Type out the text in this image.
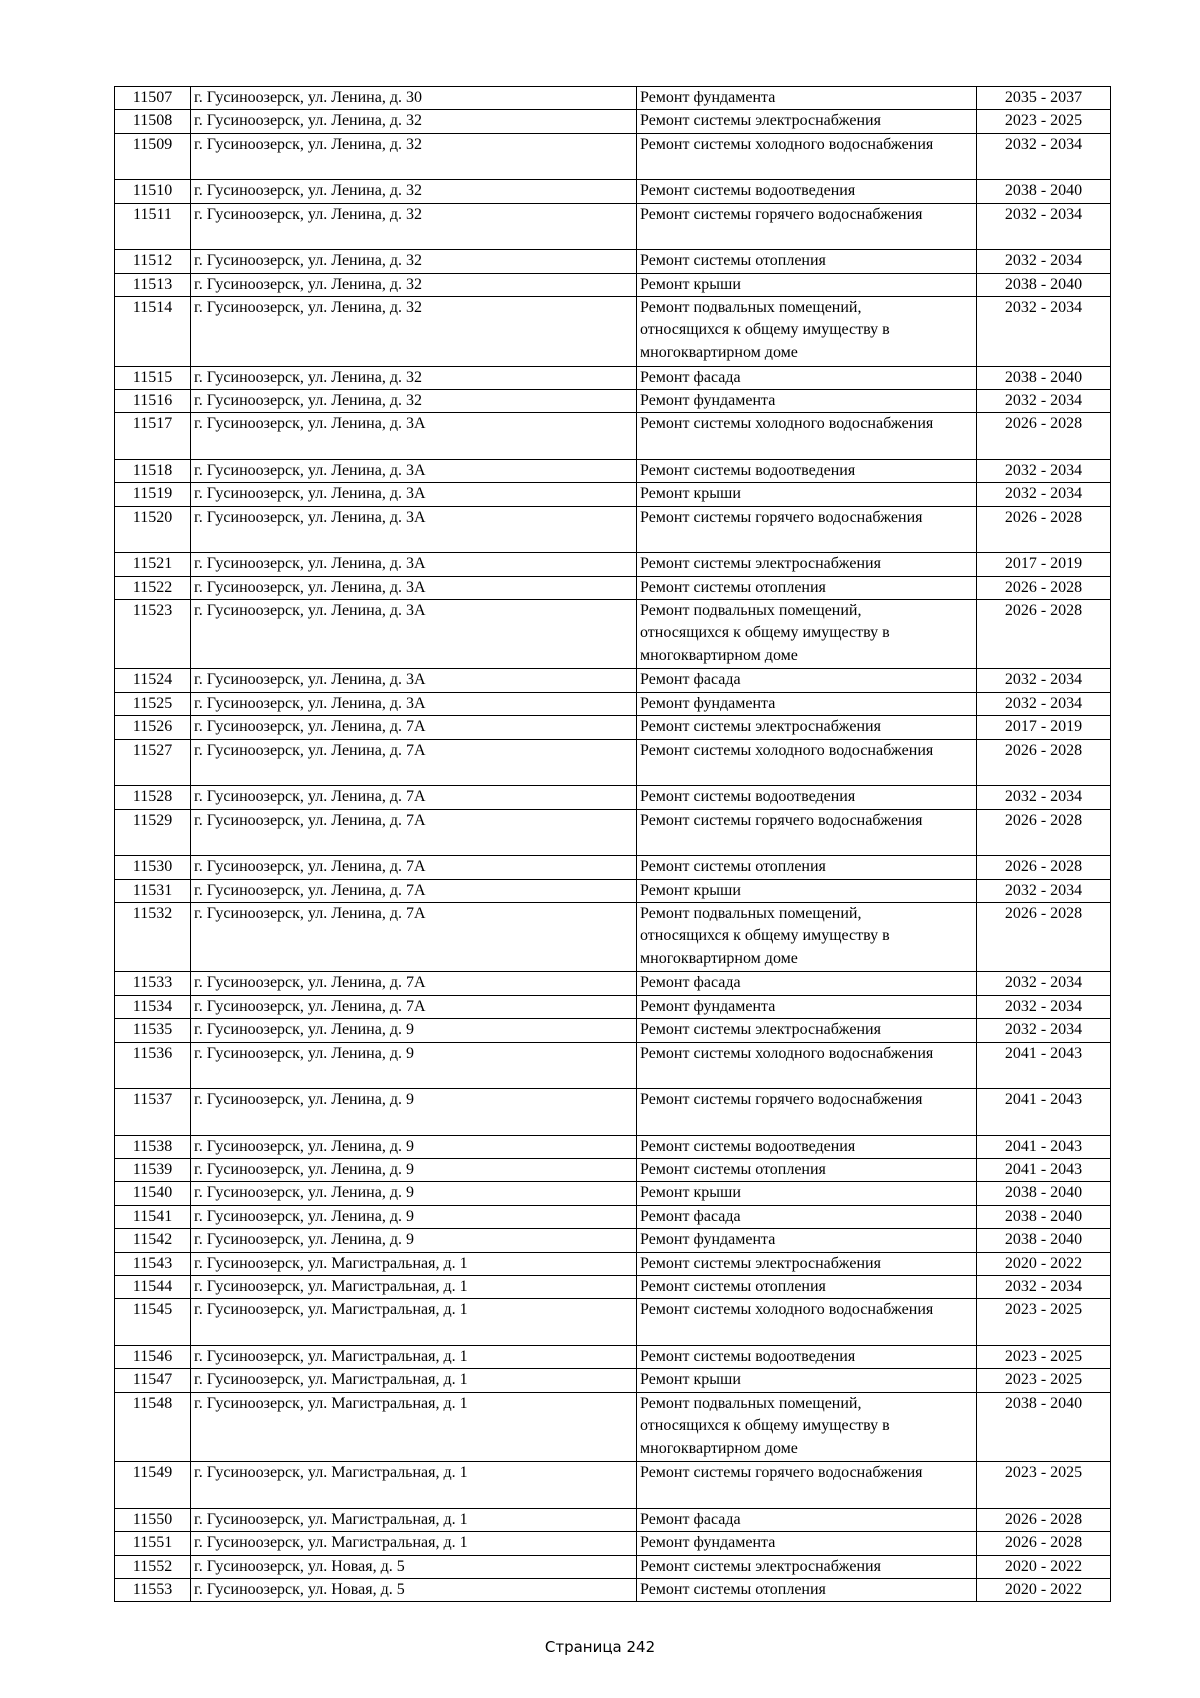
11507	г. Гусиноозерск, ул. Ленина, д. 30	Ремонт фундамента	2035 - 2037
11508	г. Гусиноозерск, ул. Ленина, д. 32	Ремонт системы электроснабжения	2023 - 2025
11509	г. Гусиноозерск, ул. Ленина, д. 32	Ремонт системы холодного водоснабжения	2032 - 2034
11510	г. Гусиноозерск, ул. Ленина, д. 32	Ремонт системы водоотведения	2038 - 2040
11511	г. Гусиноозерск, ул. Ленина, д. 32	Ремонт системы горячего водоснабжения	2032 - 2034
11512	г. Гусиноозерск, ул. Ленина, д. 32	Ремонт системы отопления	2032 - 2034
11513	г. Гусиноозерск, ул. Ленина, д. 32	Ремонт крыши	2038 - 2040
11514	г. Гусиноозерск, ул. Ленина, д. 32	Ремонт подвальных помещений,
относящихся к общему имуществу в
многоквартирном доме	2032 - 2034
11515	г. Гусиноозерск, ул. Ленина, д. 32	Ремонт фасада	2038 - 2040
11516	г. Гусиноозерск, ул. Ленина, д. 32	Ремонт фундамента	2032 - 2034
11517	г. Гусиноозерск, ул. Ленина, д. 3А	Ремонт системы холодного водоснабжения	2026 - 2028
11518	г. Гусиноозерск, ул. Ленина, д. 3А	Ремонт системы водоотведения	2032 - 2034
11519	г. Гусиноозерск, ул. Ленина, д. 3А	Ремонт крыши	2032 - 2034
11520	г. Гусиноозерск, ул. Ленина, д. 3А	Ремонт системы горячего водоснабжения	2026 - 2028
11521	г. Гусиноозерск, ул. Ленина, д. 3А	Ремонт системы электроснабжения	2017 - 2019
11522	г. Гусиноозерск, ул. Ленина, д. 3А	Ремонт системы отопления	2026 - 2028
11523	г. Гусиноозерск, ул. Ленина, д. 3А	Ремонт подвальных помещений,
относящихся к общему имуществу в
многоквартирном доме	2026 - 2028
11524	г. Гусиноозерск, ул. Ленина, д. 3А	Ремонт фасада	2032 - 2034
11525	г. Гусиноозерск, ул. Ленина, д. 3А	Ремонт фундамента	2032 - 2034
11526	г. Гусиноозерск, ул. Ленина, д. 7А	Ремонт системы электроснабжения	2017 - 2019
11527	г. Гусиноозерск, ул. Ленина, д. 7А	Ремонт системы холодного водоснабжения	2026 - 2028
11528	г. Гусиноозерск, ул. Ленина, д. 7А	Ремонт системы водоотведения	2032 - 2034
11529	г. Гусиноозерск, ул. Ленина, д. 7А	Ремонт системы горячего водоснабжения	2026 - 2028
11530	г. Гусиноозерск, ул. Ленина, д. 7А	Ремонт системы отопления	2026 - 2028
11531	г. Гусиноозерск, ул. Ленина, д. 7А	Ремонт крыши	2032 - 2034
11532	г. Гусиноозерск, ул. Ленина, д. 7А	Ремонт подвальных помещений,
относящихся к общему имуществу в
многоквартирном доме	2026 - 2028
11533	г. Гусиноозерск, ул. Ленина, д. 7А	Ремонт фасада	2032 - 2034
11534	г. Гусиноозерск, ул. Ленина, д. 7А	Ремонт фундамента	2032 - 2034
11535	г. Гусиноозерск, ул. Ленина, д. 9	Ремонт системы электроснабжения	2032 - 2034
11536	г. Гусиноозерск, ул. Ленина, д. 9	Ремонт системы холодного водоснабжения	2041 - 2043
11537	г. Гусиноозерск, ул. Ленина, д. 9	Ремонт системы горячего водоснабжения	2041 - 2043
11538	г. Гусиноозерск, ул. Ленина, д. 9	Ремонт системы водоотведения	2041 - 2043
11539	г. Гусиноозерск, ул. Ленина, д. 9	Ремонт системы отопления	2041 - 2043
11540	г. Гусиноозерск, ул. Ленина, д. 9	Ремонт крыши	2038 - 2040
11541	г. Гусиноозерск, ул. Ленина, д. 9	Ремонт фасада	2038 - 2040
11542	г. Гусиноозерск, ул. Ленина, д. 9	Ремонт фундамента	2038 - 2040
11543	г. Гусиноозерск, ул. Магистральная, д. 1	Ремонт системы электроснабжения	2020 - 2022
11544	г. Гусиноозерск, ул. Магистральная, д. 1	Ремонт системы отопления	2032 - 2034
11545	г. Гусиноозерск, ул. Магистральная, д. 1	Ремонт системы холодного водоснабжения	2023 - 2025
11546	г. Гусиноозерск, ул. Магистральная, д. 1	Ремонт системы водоотведения	2023 - 2025
11547	г. Гусиноозерск, ул. Магистральная, д. 1	Ремонт крыши	2023 - 2025
11548	г. Гусиноозерск, ул. Магистральная, д. 1	Ремонт подвальных помещений,
относящихся к общему имуществу в
многоквартирном доме	2038 - 2040
11549	г. Гусиноозерск, ул. Магистральная, д. 1	Ремонт системы горячего водоснабжения	2023 - 2025
11550	г. Гусиноозерск, ул. Магистральная, д. 1	Ремонт фасада	2026 - 2028
11551	г. Гусиноозерск, ул. Магистральная, д. 1	Ремонт фундамента	2026 - 2028
11552	г. Гусиноозерск, ул. Новая, д. 5	Ремонт системы электроснабжения	2020 - 2022
11553	г. Гусиноозерск, ул. Новая, д. 5	Ремонт системы отопления	2020 - 2022
Страница 242
